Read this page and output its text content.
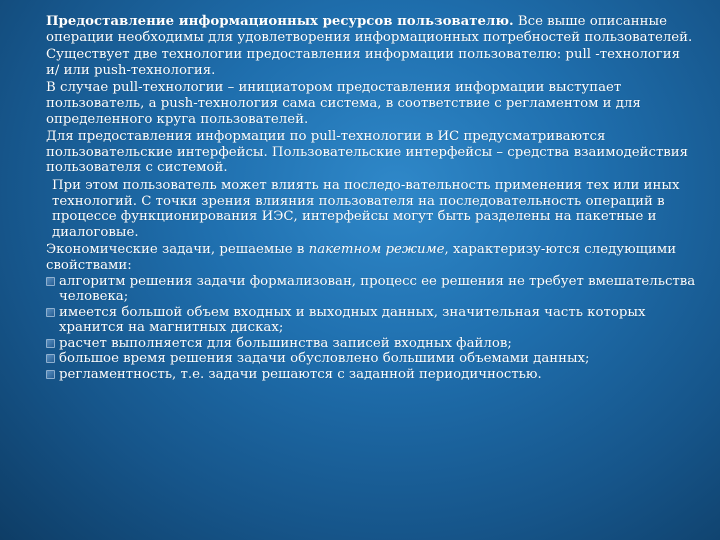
Предоставление информационных ресурсов пользователю. Все выше описанные операции необходимы для удовлетворения информационных потребностей пользователей.

Существует две технологии предоставления информации пользователю: pull -технология и/ или push-технология.

В случае pull-технологии – инициатором предоставления информации выступает пользователь, а push-технология сама система, в соответствие с регламентом и для определенного круга пользователей.

Для предоставления информации по pull-технологии в ИС предусматриваются пользовательские интерфейсы. Пользовательские интерфейсы – средства взаимодействия пользователя с системой.

При этом пользователь может влиять на последо-вательность применения тех или иных технологий. С точки зрения влияния пользователя на последовательность операций в процессе функционирования ИЭС, интерфейсы могут быть разделены на пакетные и диалоговые.

Экономические задачи, решаемые в пакетном режиме, характеризу-ются следующими свойствами:

алгоритм решения задачи формализован, процесс ее решения не требует вмешательства человека;
имеется большой объем входных и выходных данных, значительная часть которых хранится на магнитных дисках;
расчет выполняется для большинства записей входных файлов;
большое время решения задачи обусловлено большими объемами данных;
регламентность, т.е. задачи решаются с заданной периодичностью.
